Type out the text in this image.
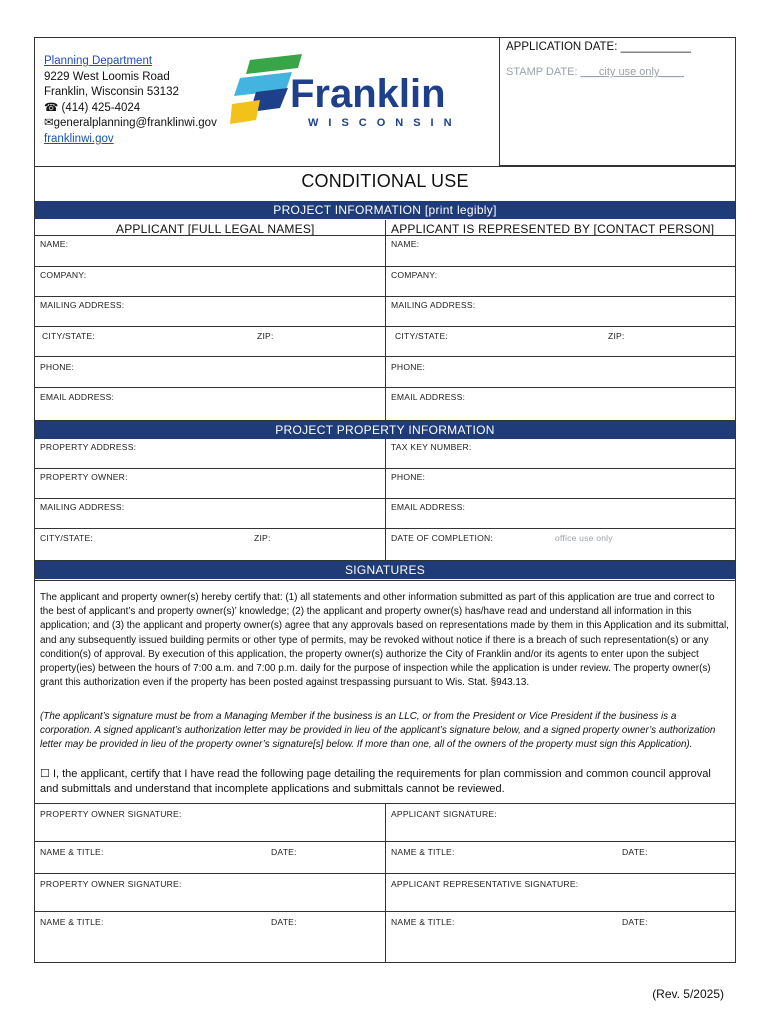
Planning Department
9229 West Loomis Road
Franklin, Wisconsin 53132
☎ (414) 425-4024
✉generalplanning@franklinwi.gov
franklinwi.gov
Franklin
WISCONSIN
APPLICATION DATE: ___________
STAMP DATE: ___city use only____
CONDITIONAL USE
PROJECT INFORMATION [print legibly]
APPLICANT [FULL LEGAL NAMES]	APPLICANT IS REPRESENTED BY [CONTACT PERSON]
NAME:	NAME:
COMPANY:	COMPANY:
MAILING ADDRESS:	MAILING ADDRESS:
CITY/STATE:	ZIP:	CITY/STATE:	ZIP:
PHONE:	PHONE:
EMAIL ADDRESS:	EMAIL ADDRESS:
PROJECT PROPERTY INFORMATION
PROPERTY ADDRESS:	TAX KEY NUMBER:
PROPERTY OWNER:	PHONE:
MAILING ADDRESS:	EMAIL ADDRESS:
CITY/STATE:	ZIP:	DATE OF COMPLETION:	office use only
SIGNATURES
The applicant and property owner(s) hereby certify that: (1) all statements and other information submitted as part of this application are true and correct to the best of applicant’s and property owner(s)’ knowledge; (2) the applicant and property owner(s) has/have read and understand all information in this application; and (3) the applicant and property owner(s) agree that any approvals based on representations made by them in this Application and its submittal, and any subsequently issued building permits or other type of permits, may be revoked without notice if there is a breach of such representation(s) or any condition(s) of approval. By execution of this application, the property owner(s) authorize the City of Franklin and/or its agents to enter upon the subject property(ies) between the hours of 7:00 a.m. and 7:00 p.m. daily for the purpose of inspection while the application is under review. The property owner(s) grant this authorization even if the property has been posted against trespassing pursuant to Wis. Stat. §943.13.
(The applicant’s signature must be from a Managing Member if the business is an LLC, or from the President or Vice President if the business is a corporation. A signed applicant’s authorization letter may be provided in lieu of the applicant’s signature below, and a signed property owner’s authorization letter may be provided in lieu of the property owner’s signature[s] below. If more than one, all of the owners of the property must sign this Application).
☐ I, the applicant, certify that I have read the following page detailing the requirements for plan commission and common council approval and submittals and understand that incomplete applications and submittals cannot be reviewed.
PROPERTY OWNER SIGNATURE:	APPLICANT SIGNATURE:
NAME & TITLE:	DATE:	NAME & TITLE:	DATE:
PROPERTY OWNER SIGNATURE:	APPLICANT REPRESENTATIVE SIGNATURE:
NAME & TITLE:	DATE:	NAME & TITLE:	DATE:
(Rev. 5/2025)
